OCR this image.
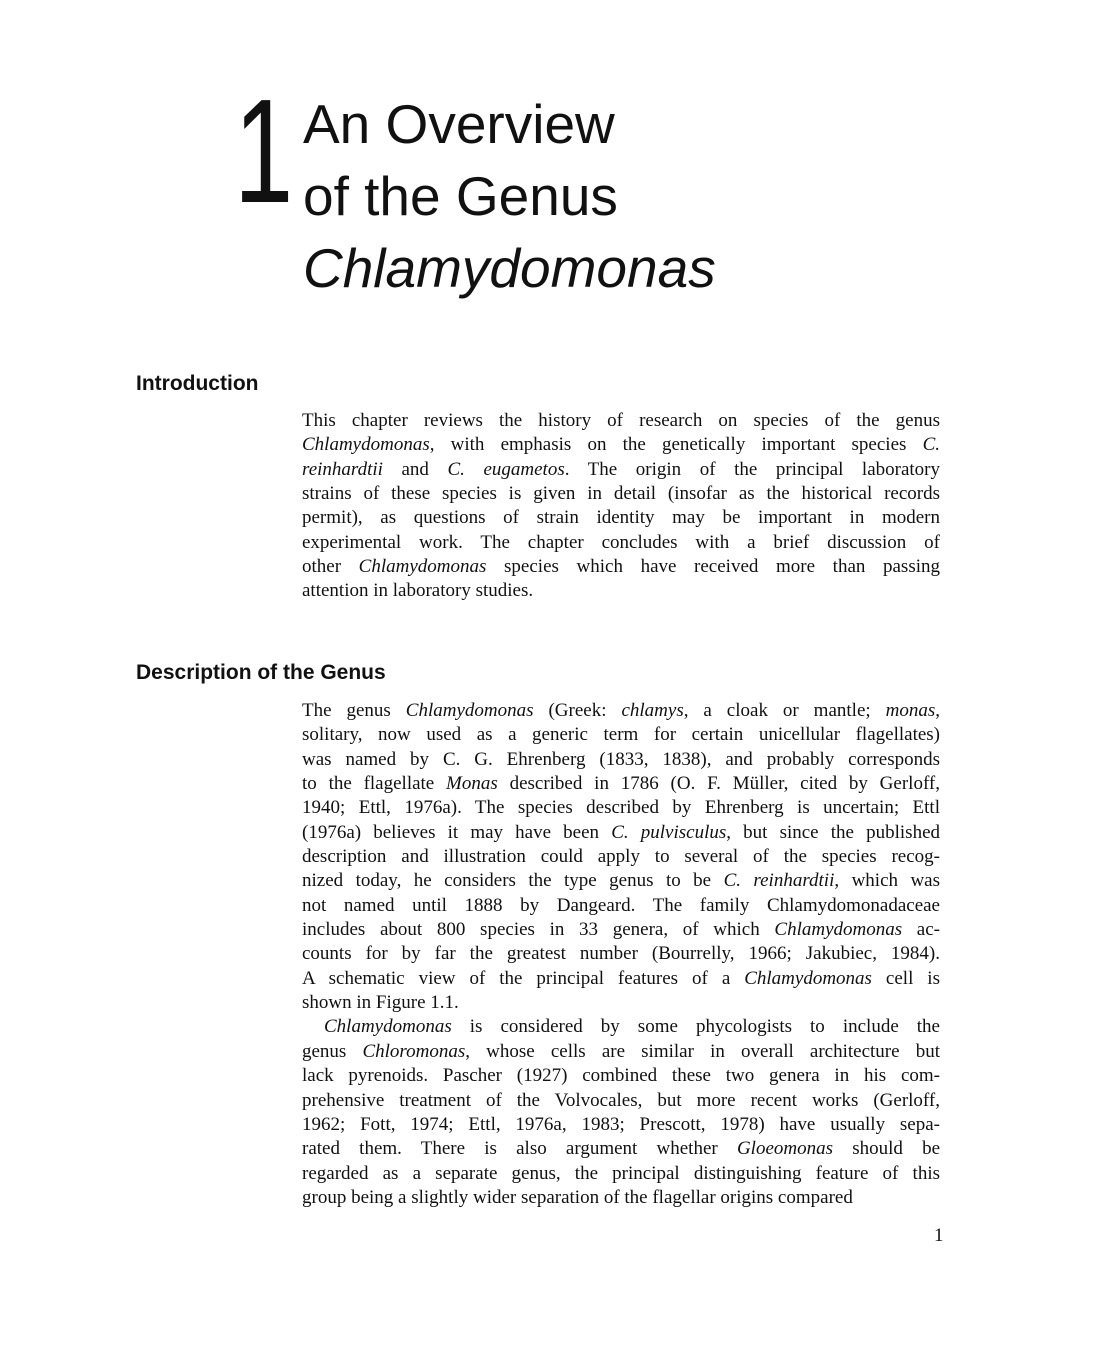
1 An Overview
of the Genus
Chlamydomonas
Introduction
This chapter reviews the history of research on species of the genus
Chlamydomonas, with emphasis on the genetically important species C.
reinhardtii and C. eugametos. The origin of the principal laboratory
strains of these species is given in detail (insofar as the historical records
permit), as questions of strain identity may be important in modern
experimental work. The chapter concludes with a brief discussion of
other Chlamydomonas species which have received more than passing
attention in laboratory studies.
Description of the Genus
The genus Chlamydomonas (Greek: chlamys, a cloak or mantle; monas,
solitary, now used as a generic term for certain unicellular flagellates)
was named by C. G. Ehrenberg (1833, 1838), and probably corresponds
to the flagellate Monas described in 1786 (O. F. Müller, cited by Gerloff,
1940; Ettl, 1976a). The species described by Ehrenberg is uncertain; Ettl
(1976a) believes it may have been C. pulvisculus, but since the published
description and illustration could apply to several of the species recog-
nized today, he considers the type genus to be C. reinhardtii, which was
not named until 1888 by Dangeard. The family Chlamydomonadaceae
includes about 800 species in 33 genera, of which Chlamydomonas ac-
counts for by far the greatest number (Bourrelly, 1966; Jakubiec, 1984).
A schematic view of the principal features of a Chlamydomonas cell is
shown in Figure 1.1.
Chlamydomonas is considered by some phycologists to include the
genus Chloromonas, whose cells are similar in overall architecture but
lack pyrenoids. Pascher (1927) combined these two genera in his com-
prehensive treatment of the Volvocales, but more recent works (Gerloff,
1962; Fott, 1974; Ettl, 1976a, 1983; Prescott, 1978) have usually sepa-
rated them. There is also argument whether Gloeomonas should be
regarded as a separate genus, the principal distinguishing feature of this
group being a slightly wider separation of the flagellar origins compared
1
